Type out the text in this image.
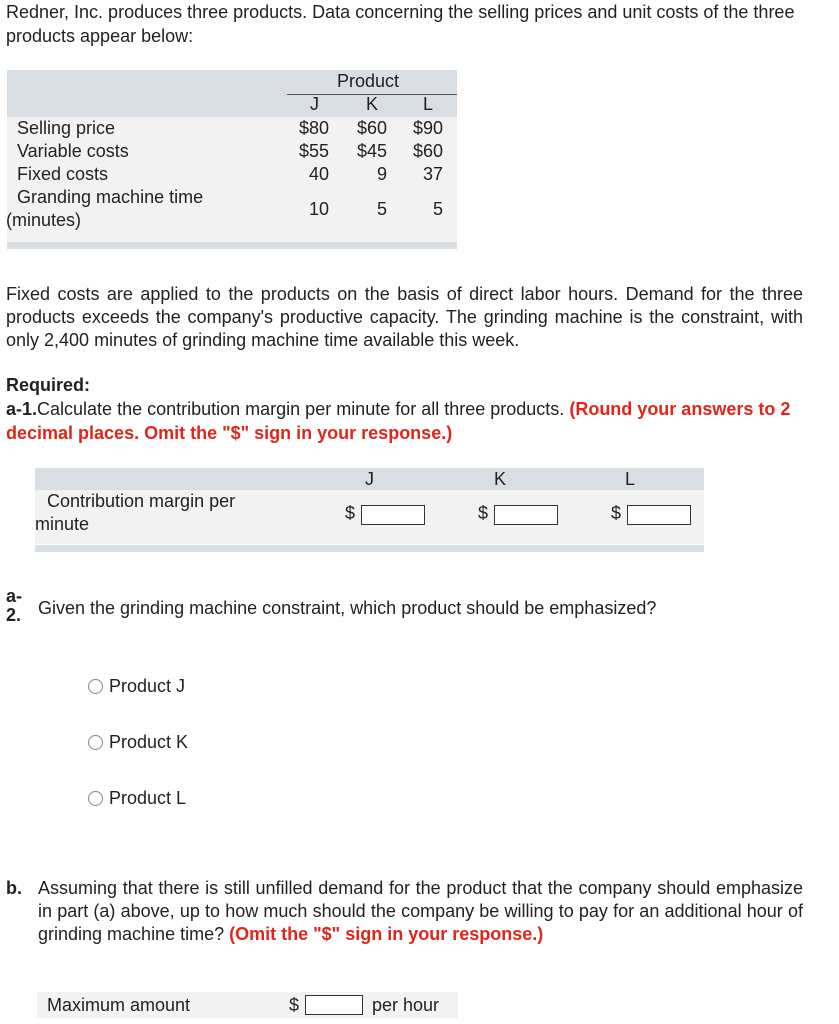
Redner, Inc. produces three products. Data concerning the selling prices and unit costs of the three products appear below:

Product
J	K L
Selling price	$80	$60	$90
Variable costs	$55	$45	$60
Fixed costs	40	9	37
Granding machine time
(minutes)
10	5	5

Fixed costs are applied to the products on the basis of direct labor hours. Demand for the three products exceeds the company's productive capacity. The grinding machine is the constraint, with only 2,400 minutes of grinding machine time available this week.

Required:

a-1.Calculate the contribution margin per minute for all three products. (Round your answers to 2 decimal places. Omit the "$" sign in your response.)

J	K	L
Contribution margin per
minute
$	$	$
a-
2. Given the grinding machine constraint, which product should be emphasized?
Product J
Product K
Product L
b. Assuming that there is still unfilled demand for the product that the company should emphasize in part (a) above, up to how much should the company be willing to pay for an additional hour of grinding machine time? (Omit the "$" sign in your response.)

Maximum amount	$	per hour
